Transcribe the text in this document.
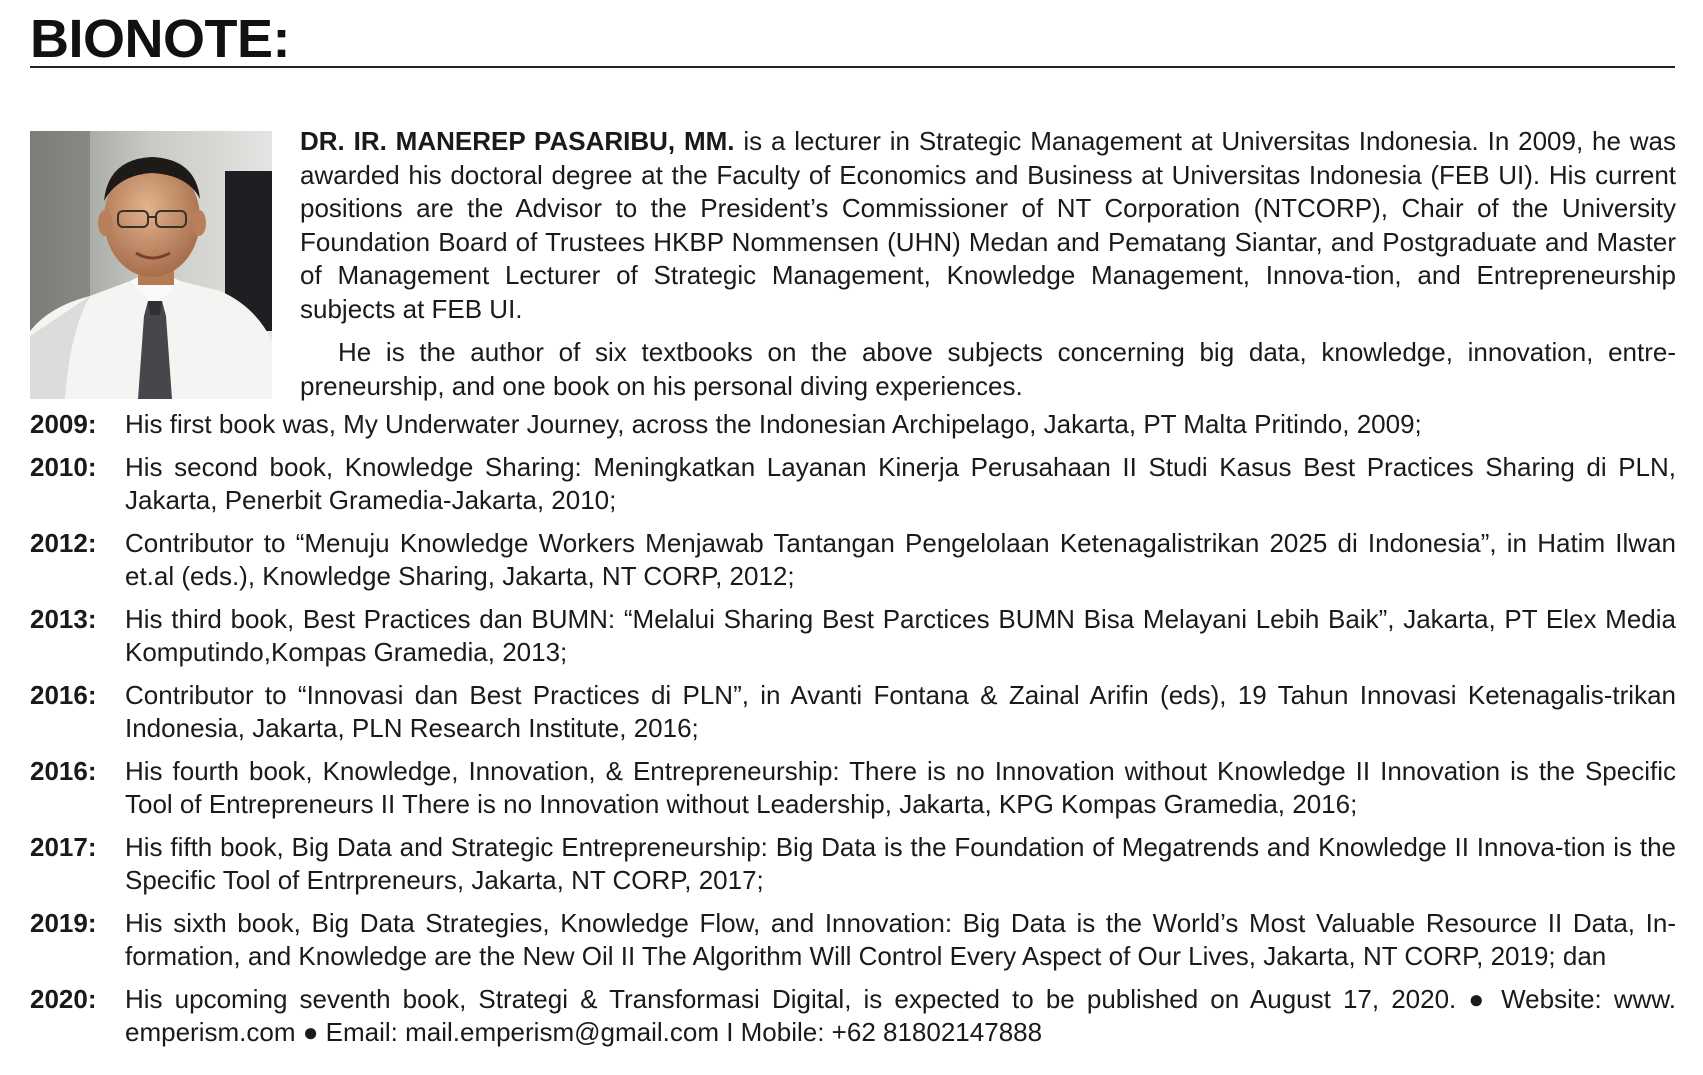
BIONOTE:

DR. IR. MANEREP PASARIBU, MM. is a lecturer in Strategic Management at Universitas Indonesia. In 2009, he was awarded his doctoral degree at the Faculty of Economics and Business at Universitas Indonesia (FEB UI). His current positions are the Advisor to the President’s Commissioner of NT Corporation (NTCORP), Chair of the University Foundation Board of Trustees HKBP Nommensen (UHN) Medan and Pematang Siantar, and Postgraduate and Master of Management Lecturer of Strategic Management, Knowledge Management, Innova-tion, and Entrepreneurship subjects at FEB UI.

He is the author of six textbooks on the above subjects concerning big data, knowledge, innovation, entre-preneurship, and one book on his personal diving experiences.

2009:	His first book was, My Underwater Journey, across the Indonesian Archipelago, Jakarta, PT Malta Pritindo, 2009;
2010:	His second book, Knowledge Sharing: Meningkatkan Layanan Kinerja Perusahaan II Studi Kasus Best Practices Sharing di PLN, Jakarta, Penerbit Gramedia-Jakarta, 2010;
2012:	Contributor to “Menuju Knowledge Workers Menjawab Tantangan Pengelolaan Ketenagalistrikan 2025 di Indonesia”, in Hatim Ilwan et.al (eds.), Knowledge Sharing, Jakarta, NT CORP, 2012;
2013:	His third book, Best Practices dan BUMN: “Melalui Sharing Best Parctices BUMN Bisa Melayani Lebih Baik”, Jakarta, PT Elex Media Komputindo,Kompas Gramedia, 2013;
2016:	Contributor to “Innovasi dan Best Practices di PLN”, in Avanti Fontana & Zainal Arifin (eds), 19 Tahun Innovasi Ketenagalis-trikan Indonesia, Jakarta, PLN Research Institute, 2016;
2016:	His fourth book, Knowledge, Innovation, & Entrepreneurship: There is no Innovation without Knowledge II Innovation is the Specific Tool of Entrepreneurs II There is no Innovation without Leadership, Jakarta, KPG Kompas Gramedia, 2016;
2017:	His fifth book, Big Data and Strategic Entrepreneurship: Big Data is the Foundation of Megatrends and Knowledge II Innova-tion is the Specific Tool of Entrpreneurs, Jakarta, NT CORP, 2017;
2019:	His sixth book, Big Data Strategies, Knowledge Flow, and Innovation: Big Data is the World’s Most Valuable Resource II Data, In-formation, and Knowledge are the New Oil II The Algorithm Will Control Every Aspect of Our Lives, Jakarta, NT CORP, 2019; dan
2020:	His upcoming seventh book, Strategi & Transformasi Digital, is expected to be published on August 17, 2020. ● Website: www. emperism.com ● Email: mail.emperism@gmail.com I Mobile: +62 81802147888
